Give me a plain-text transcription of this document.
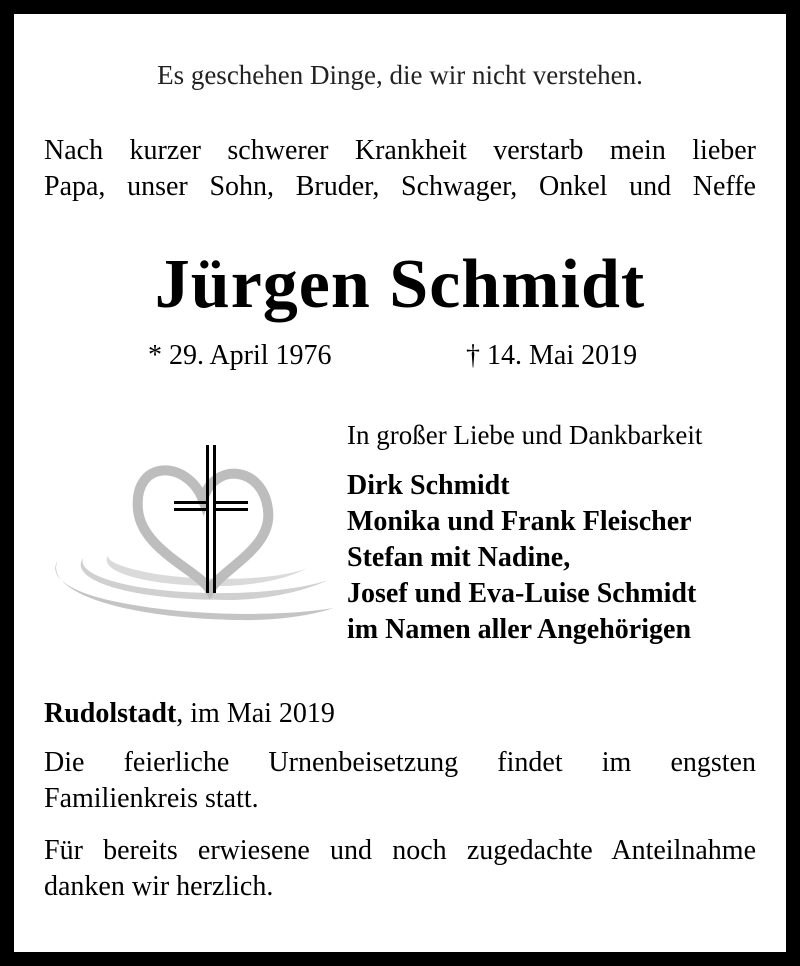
Es geschehen Dinge, die wir nicht verstehen.
Nach kurzer schwerer Krankheit verstarb mein lieber
Papa, unser Sohn, Bruder, Schwager, Onkel und Neffe
Jürgen Schmidt
* 29. April 1976	† 14. Mai 2019
In großer Liebe und Dankbarkeit
Dirk Schmidt
Monika und Frank Fleischer
Stefan mit Nadine,
Josef und Eva-Luise Schmidt
im Namen aller Angehörigen
Rudolstadt, im Mai 2019
Die feierliche Urnenbeisetzung findet im engsten Familienkreis statt.
Für bereits erwiesene und noch zugedachte Anteilnahme danken wir herzlich.
